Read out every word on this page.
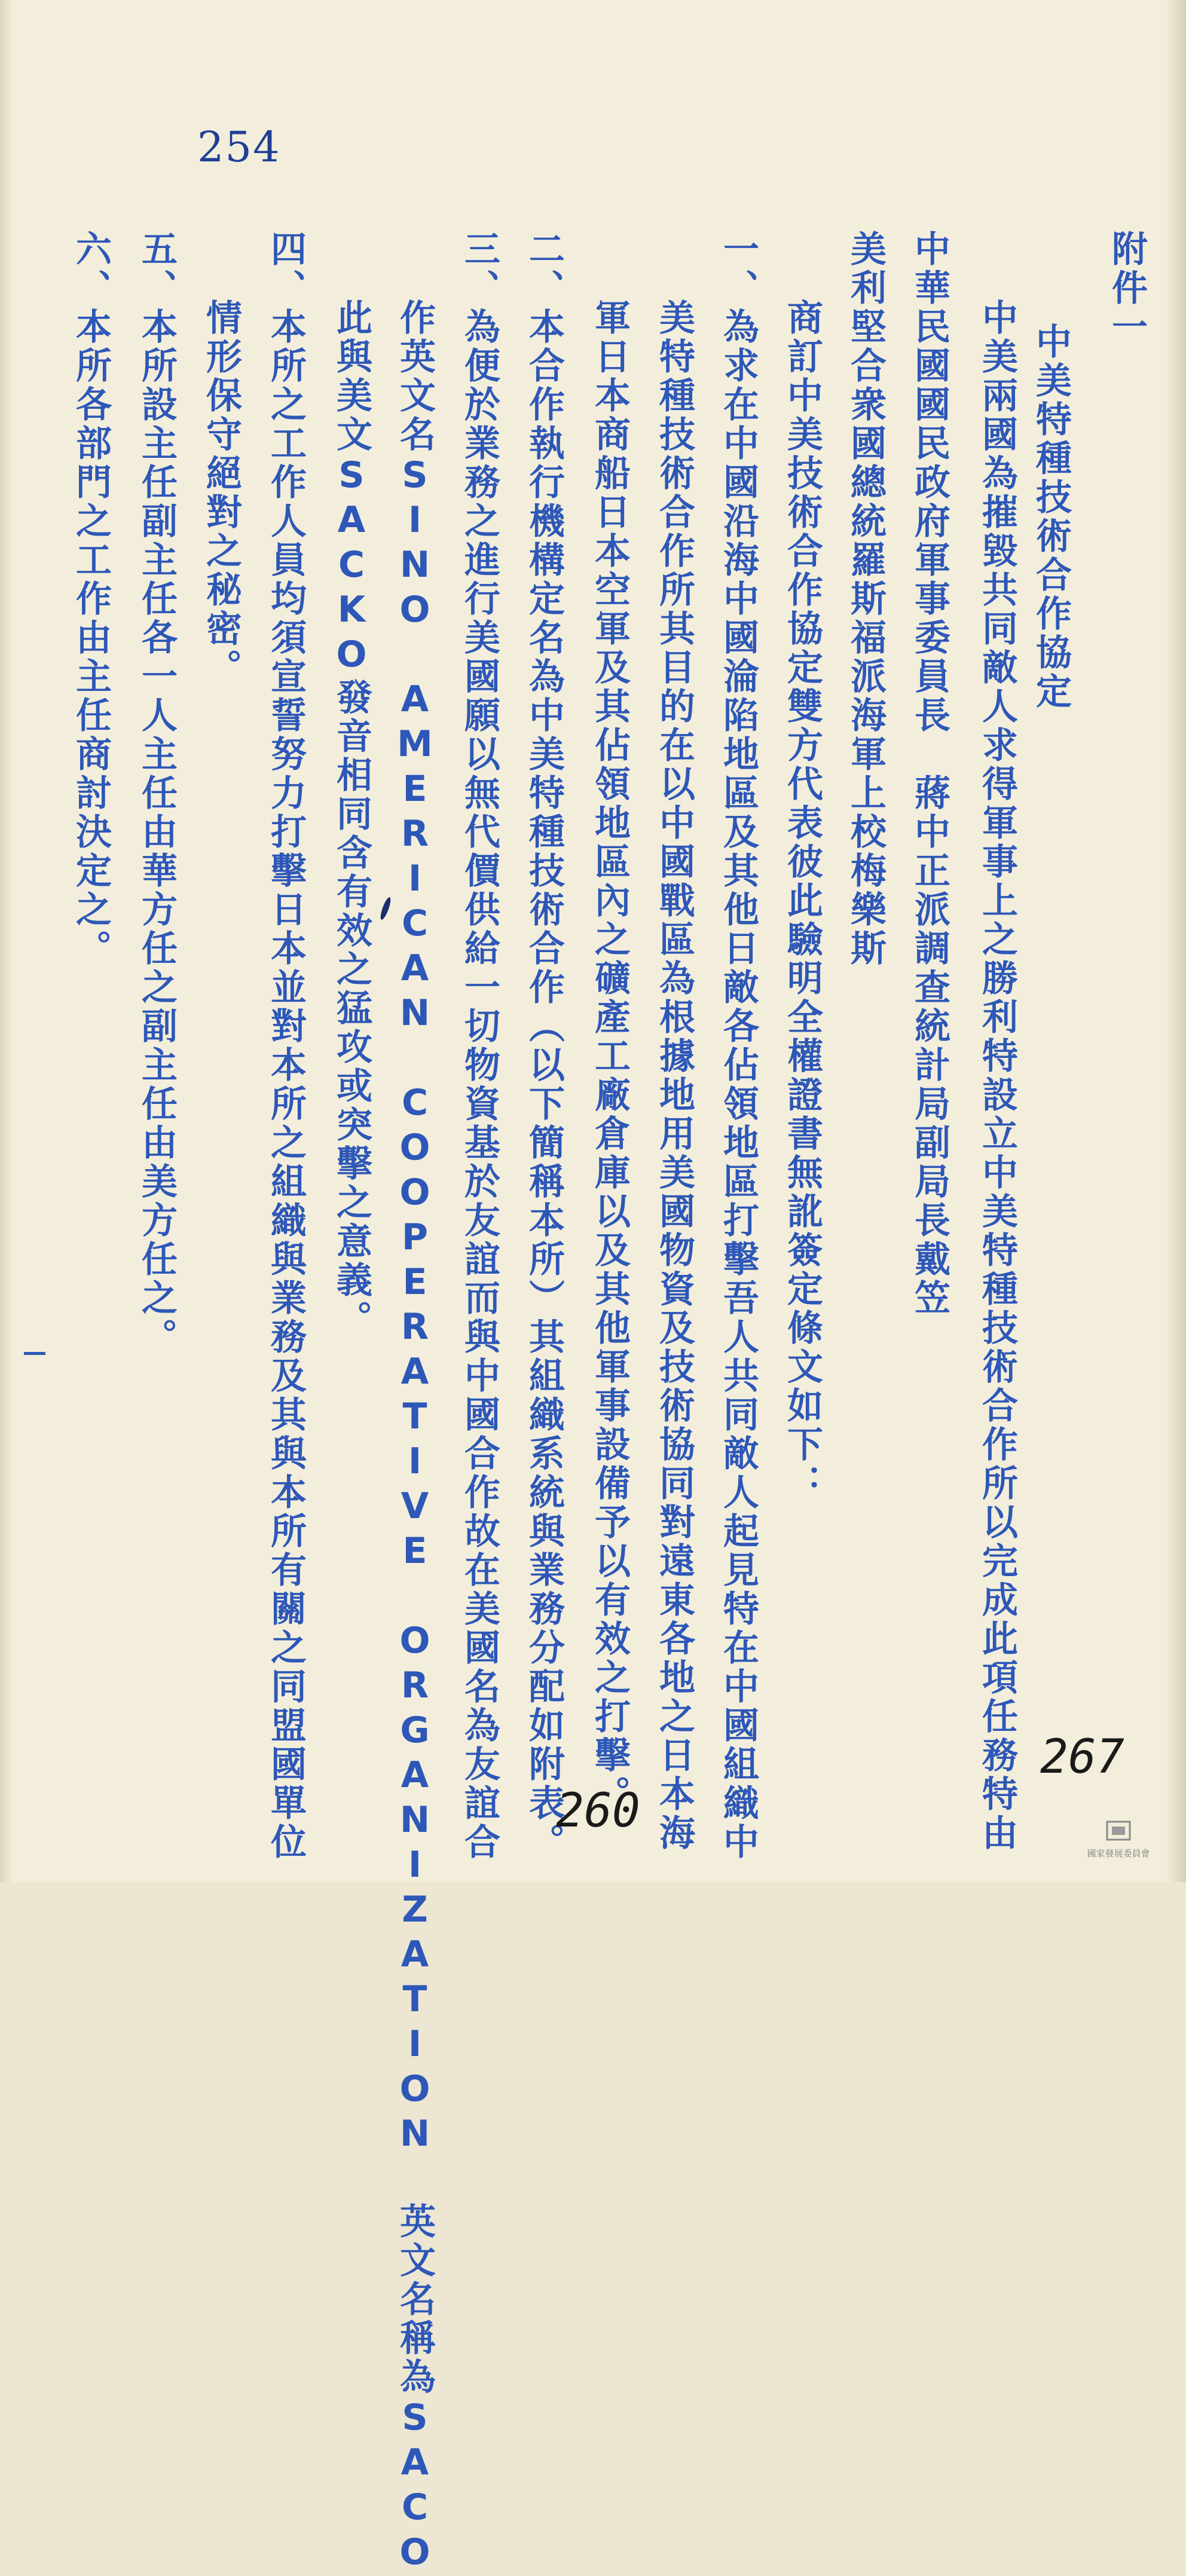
254
附件一
中美特種技術合作協定
中美兩國為摧毀共同敵人求得軍事上之勝利特設立中美特種技術合作所以完成此項任務特由
中華民國國民政府軍事委員長　蔣中正派調查統計局副局長戴笠
美利堅合衆國總統羅斯福派海軍上校梅樂斯
商訂中美技術合作協定雙方代表彼此驗明全權證書無訛簽定條文如下：
一、為求在中國沿海中國淪陷地區及其他日敵各佔領地區打擊吾人共同敵人起見特在中國組織中
美特種技術合作所其目的在以中國戰區為根據地用美國物資及技術協同對遠東各地之日本海
軍日本商船日本空軍及其佔領地區內之礦產工廠倉庫以及其他軍事設備予以有效之打擊。
二、本合作執行機構定名為中美特種技術合作（以下簡稱本所）其組織系統與業務分配如附表。
三、為便於業務之進行美國願以無代價供給一切物資基於友誼而與中國合作故在美國名為友誼合
作英文名SINO AMERICAN COOPERATIVE ORGANIZATION 英文名稱為SACO
此與美文SACKO發音相同含有效之猛攻或突擊之意義。
四、本所之工作人員均須宣誓努力打擊日本並對本所之組織與業務及其與本所有關之同盟國單位
情形保守絕對之秘密。
五、本所設主任副主任各一人主任由華方任之副主任由美方任之。
六、本所各部門之工作由主任商討決定之。
260
267
國家發展委員會
